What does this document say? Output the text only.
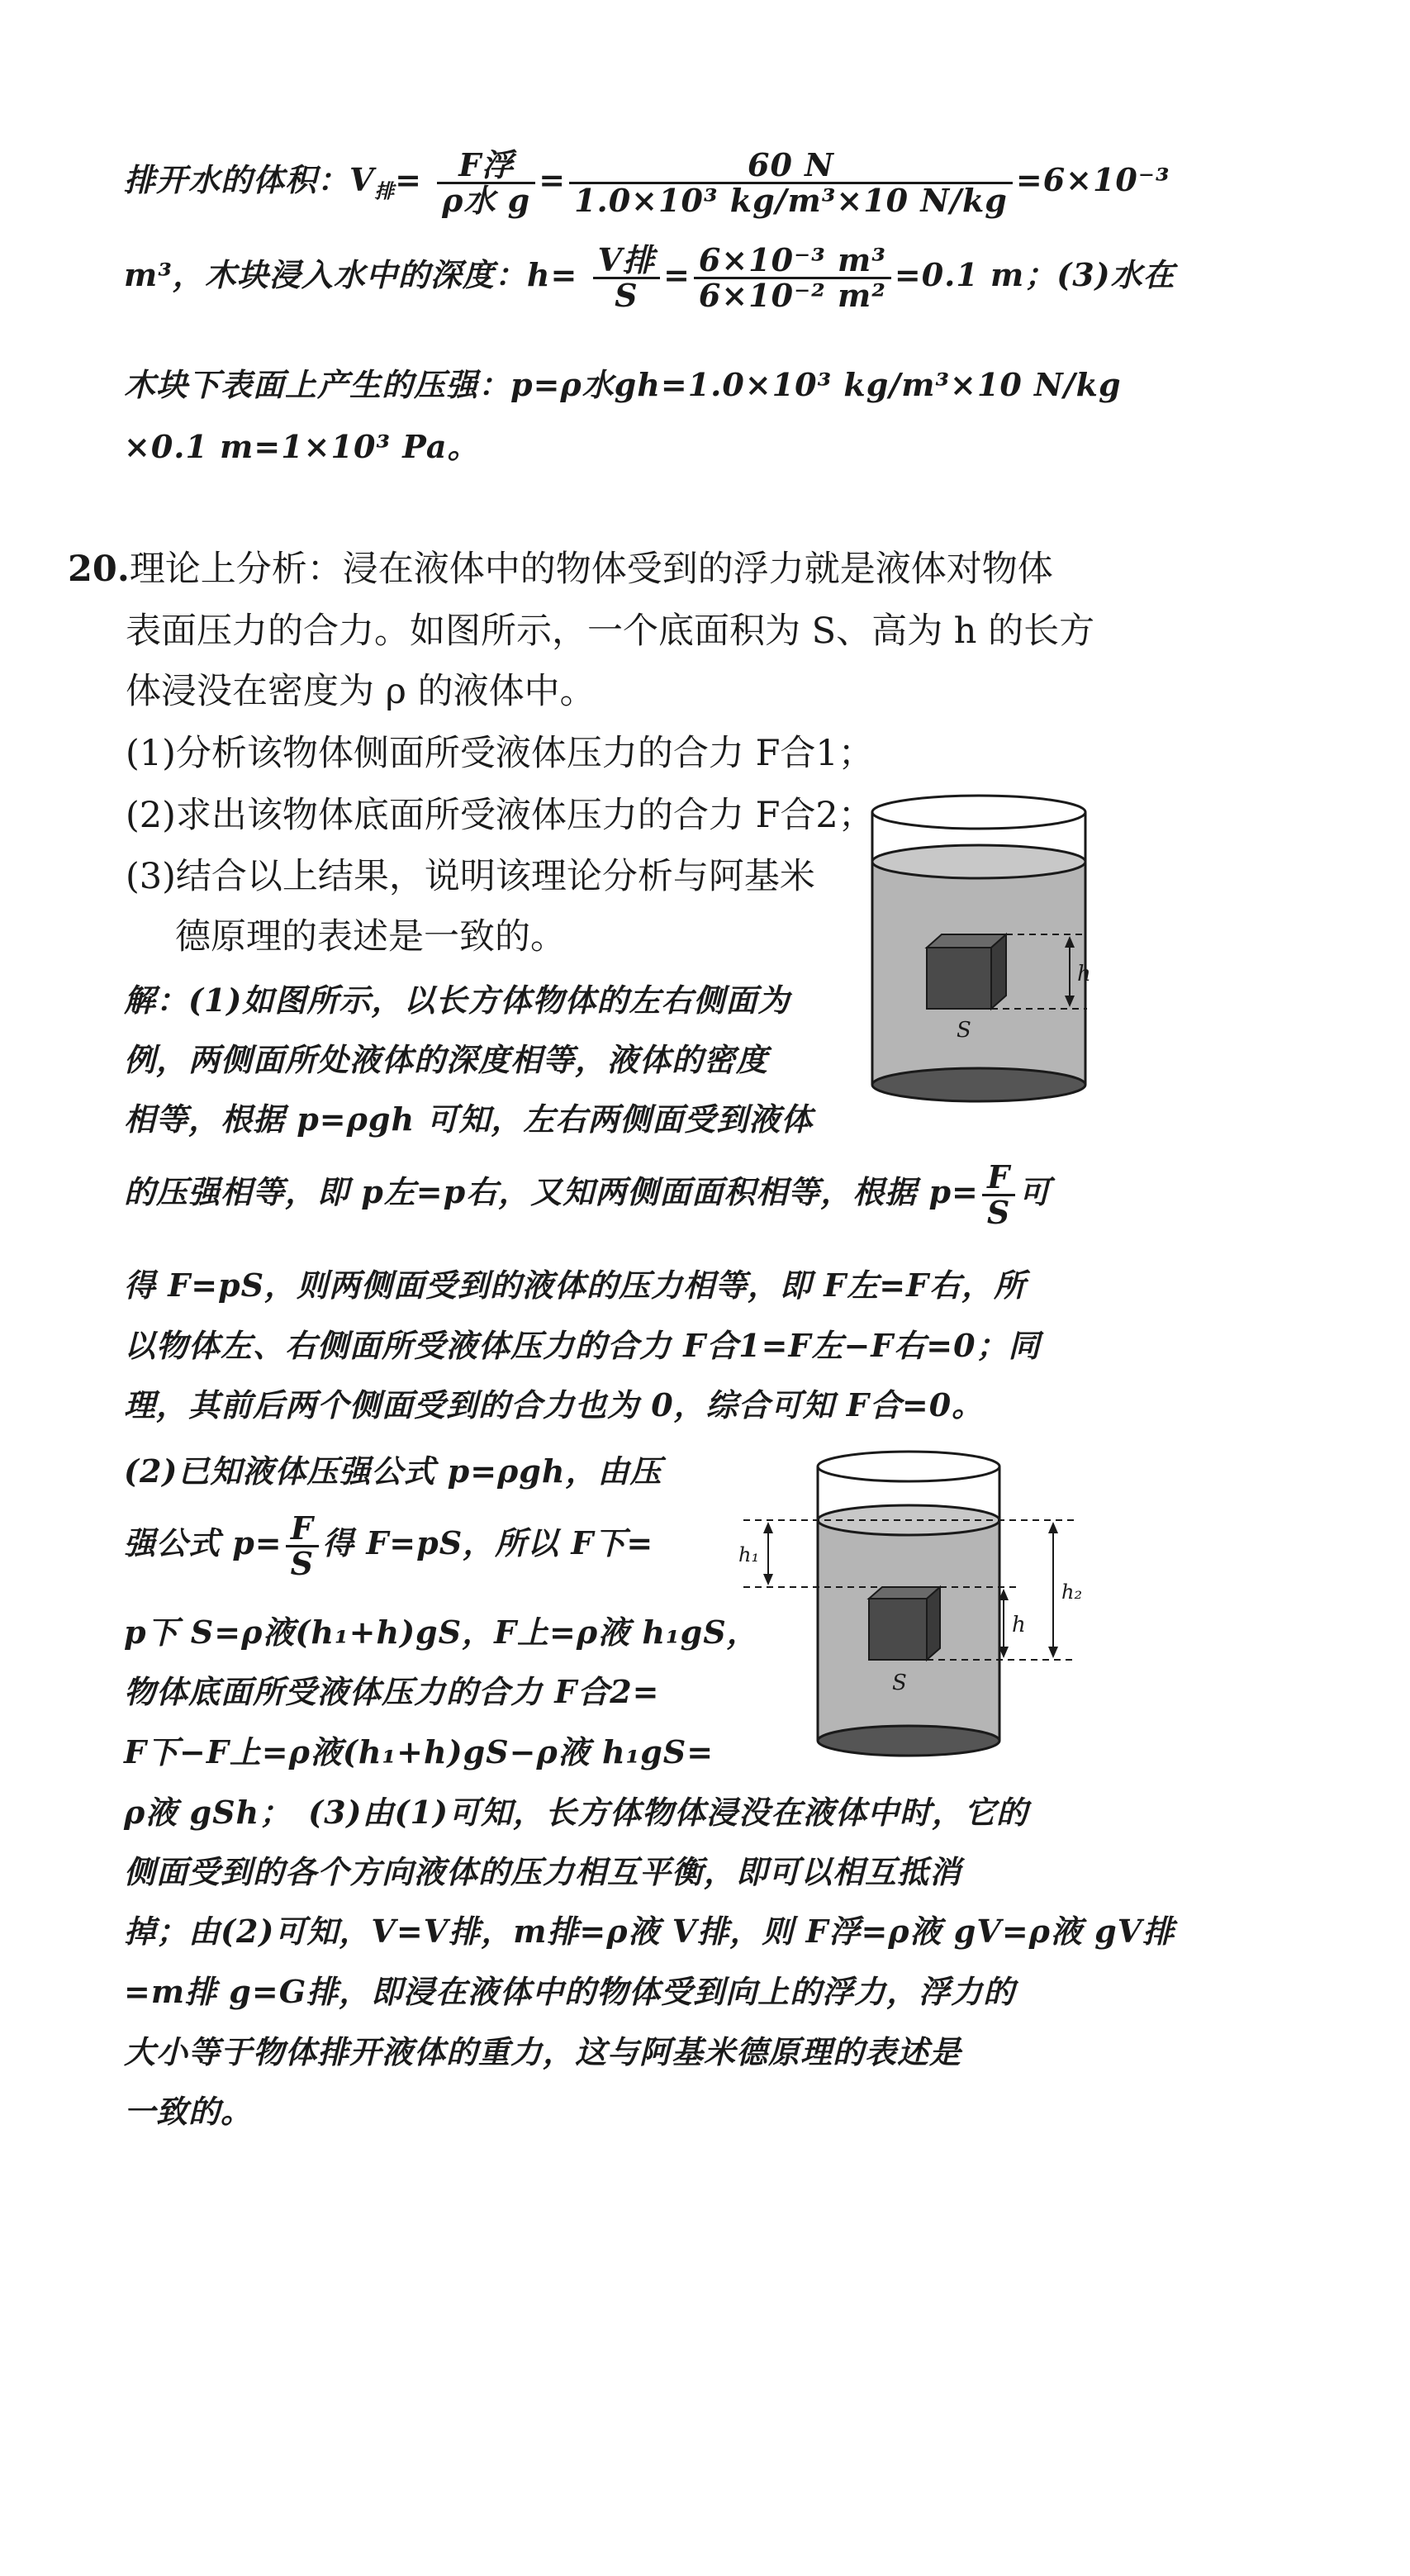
排开水的体积：$V_排= \frac{\text{F浮}}{\text{ρ水 g}} = \frac{60 N}{\text{1.0×10³ kg/m³×10 N/kg}} =6\times 10^{-3}$
m³，木块浸入水中的深度：$h= \frac{\text{V排}}{S} = \frac{\text{6×10⁻³ m³}}{\text{6×10⁻² m²}} =0.1$ m；(3)水在
木块下表面上产生的压强：p=ρ水gh=1.0×10³ kg/m³×10 N/kg
×0.1 m=1×10³ Pa。
20.理论上分析：浸在液体中的物体受到的浮力就是液体对物体
表面压力的合力。如图所示，一个底面积为 S、高为 h 的长方
体浸没在密度为 ρ 的液体中。
(1)分析该物体侧面所受液体压力的合力 F合1；
(2)求出该物体底面所受液体压力的合力 F合2；
(3)结合以上结果，说明该理论分析与阿基米
德原理的表述是一致的。
解：(1)如图所示，以长方体物体的左右侧面为
例，两侧面所处液体的深度相等，液体的密度
相等，根据 p=ρgh 可知，左右两侧面受到液体
的压强相等，即 p左=p右，又知两侧面面积相等，根据 $p= \frac{F}{S}$ 可
得 F=pS，则两侧面受到的液体的压力相等，即 F左=F右，所
以物体左、右侧面所受液体压力的合力 F合1=F左−F右=0；同
理，其前后两个侧面受到的合力也为 0，综合可知 F合=0。
(2)已知液体压强公式 p=ρgh，由压
强公式 $p= \frac{F}{S}$ 得 F=pS，所以 F下=
p下 S=ρ液(h₁+h)gS，F上=ρ液 h₁gS，
物体底面所受液体压力的合力 F合2=
F下−F上=ρ液(h₁+h)gS−ρ液 h₁gS=
ρ液 gSh；　(3)由(1)可知，长方体物体浸没在液体中时，它的
侧面受到的各个方向液体的压力相互平衡，即可以相互抵消
掉；由(2)可知，V=V排，m排=ρ液 V排，则 F浮=ρ液 gV=ρ液 gV排
=m排 g=G排，即浸在液体中的物体受到向上的浮力，浮力的
大小等于物体排开液体的重力，这与阿基米德原理的表述是
一致的。
S
h
S
h₁
h
h₂
